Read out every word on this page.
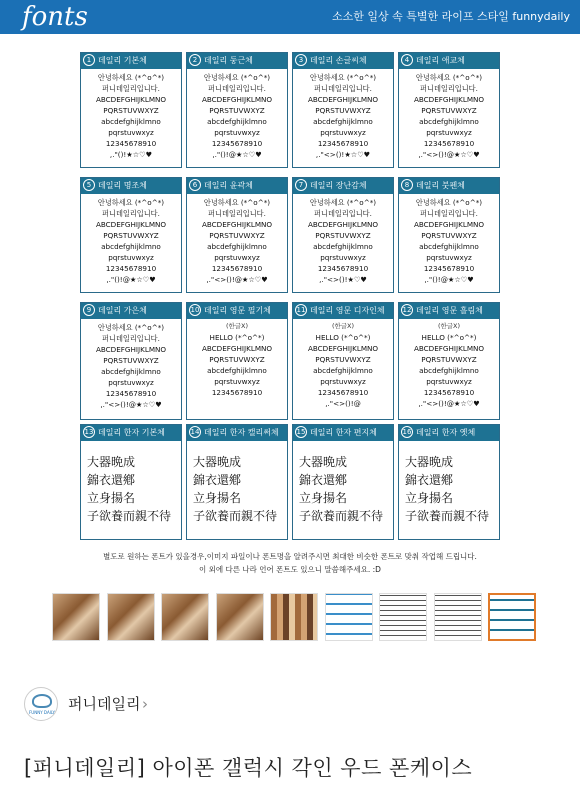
fonts	소소한 일상 속 특별한 라이프 스타일 funnydaily
1 데일리 기본체
안녕하세요 (*^o^*)
퍼니데일리입니다.
ABCDEFGHIJKLMNO
PQRSTUVWXYZ
abcdefghijklmno
pqrstuvwxyz
12345678910
,."()!★☆♡♥
2 데일리 둥근체
안녕하세요 (*^o^*)
퍼니데일리입니다.
ABCDEFGHIJKLMNO
PQRSTUVWXYZ
abcdefghijklmno
pqrstuvwxyz
12345678910
,."()!@★☆♡♥
3 데일리 손글씨체
안녕하세요 (*^o^*)
퍼니데일리입니다.
ABCDEFGHIJKLMNO
PQRSTUVWXYZ
abcdefghijklmno
pqrstuvwxyz
12345678910
,."<>()!★☆♡♥
4 데일리 애교체
안녕하세요 (*^o^*)
퍼니데일리입니다.
ABCDEFGHIJKLMNO
PQRSTUVWXYZ
abcdefghijklmno
pqrstuvwxyz
12345678910
,."<>()!@★☆♡♥
5 데일리 명조체
안녕하세요 (*^o^*)
퍼니데일리입니다.
ABCDEFGHIJKLMNO
PQRSTUVWXYZ
abcdefghijklmno
pqrstuvwxyz
12345678910
,."()!@★☆♡♥
6 데일리 윤곽체
안녕하세요 (*^o^*)
퍼니데일리입니다.
ABCDEFGHIJKLMNO
PQRSTUVWXYZ
abcdefghijklmno
pqrstuvwxyz
12345678910
,."<>()!@★☆♡♥
7 데일리 장난감체
안녕하세요 (*^o^*)
퍼니데일리입니다.
ABCDEFGHIJKLMNO
PQRSTUVWXYZ
abcdefghijklmno
pqrstuvwxyz
12345678910
,."<>()!★♡♥
8 데일리 붓펜체
안녕하세요 (*^o^*)
퍼니데일리입니다.
ABCDEFGHIJKLMNO
PQRSTUVWXYZ
abcdefghijklmno
pqrstuvwxyz
12345678910
,."()!@★☆♡♥
9 데일리 가은체
안녕하세요 (*^o^*)
퍼니데일리입니다.
ABCDEFGHIJKLMNO
PQRSTUVWXYZ
abcdefghijklmno
pqrstuvwxyz
12345678910
,."<>()!@★☆♡♥
10 데일리 영문 필기체
(한글X)
HELLO (*^o^*)
ABCDEFGHIJKLMNO
PQRSTUVWXYZ
abcdefghijklmno
pqrstuvwxyz
12345678910
11 데일리 영문 디자인체
(한글X)
HELLO (*^o^*)
ABCDEFGHIJKLMNO
PQRSTUVWXYZ
abcdefghijklmno
pqrstuvwxyz
12345678910
,."<>()!@
12 데일리 영문 흘림체
(한글X)
HELLO (*^o^*)
ABCDEFGHIJKLMNO
PQRSTUVWXYZ
abcdefghijklmno
pqrstuvwxyz
12345678910
,."<>()!@★☆♡♥
13 데일리 한자 기본체
大器晩成
錦衣還鄕
立身揚名
子欲養而親不待
14 데일리 한자 캘리써체
大器晩成
錦衣還鄕
立身揚名
子欲養而親不待
15 데일리 한자 편지체
大器晩成
錦衣還鄕
立身揚名
子欲養而親不待
16 데일리 한자 옛체
大器晩成
錦衣還鄕
立身揚名
子欲養而親不待
별도로 원하는 폰트가 있을경우,이미지 파일이나 폰트명을 알려주시면 최대한 비슷한 폰트로 맞춰 작업해 드립니다.
이 외에 다른 나라 언어 폰트도 있으니 말씀해주세요. :D
FUNNY DAILY 퍼니데일리 ›
[퍼니데일리] 아이폰 갤럭시 각인 우드 폰케이스
